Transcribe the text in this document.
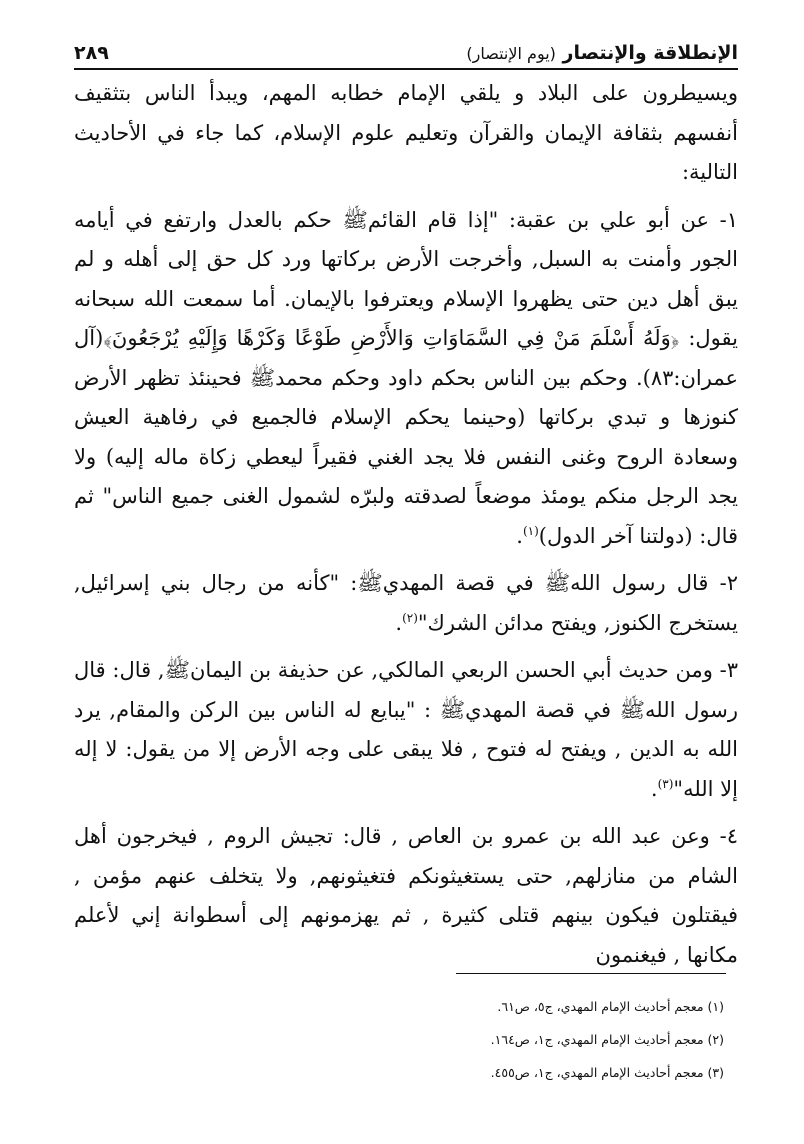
الإنطلاقة والإنتصار (يوم الإنتصار)
٢٨٩

ويسيطرون على البلاد و يلقي الإمام خطابه المهم، ويبدأ الناس بتثقيف أنفسهم بثقافة الإيمان والقرآن وتعليم علوم الإسلام، كما جاء في الأحاديث التالية:

١- عن أبو علي بن عقبة: "إذا قام القائمﷺ حكم بالعدل وارتفع في أيامه الجور وأمنت به السبل, وأخرجت الأرض بركاتها ورد كل حق إلى أهله و لم يبق أهل دين حتى يظهروا الإسلام ويعترفوا بالإيمان. أما سمعت الله سبحانه يقول: ﴿وَلَهُ أَسْلَمَ مَنْ فِي السَّمَاوَاتِ وَالأَرْضِ طَوْعًا وَكَرْهًا وَإِلَيْهِ يُرْجَعُونَ﴾(آل عمران:٨٣). وحكم بين الناس بحكم داود وحكم محمدﷺ فحينئذ تظهر الأرض كنوزها و تبدي بركاتها (وحينما يحكم الإسلام فالجميع في رفاهية العيش وسعادة الروح وغنى النفس فلا يجد الغني فقيراً ليعطي زكاة ماله إليه) ولا يجد الرجل منكم يومئذ موضعاً لصدقته ولبرّه لشمول الغنى جميع الناس" ثم قال: (دولتنا آخر الدول)$^{(١)}$.

٢- قال رسول اللهﷺ في قصة المهديﷺ: "كأنه من رجال بني إسرائيل, يستخرج الكنوز, ويفتح مدائن الشرك"$^{(٢)}$.

٣- ومن حديث أبي الحسن الربعي المالكي, عن حذيفة بن اليمانﷺ, قال: قال رسول اللهﷺ في قصة المهديﷺ : "يبايع له الناس بين الركن والمقام, يرد الله به الدين , ويفتح له فتوح , فلا يبقى على وجه الأرض إلا من يقول: لا إله إلا الله"$^{(٣)}$.

٤- وعن عبد الله بن عمرو بن العاص , قال: تجيش الروم , فيخرجون أهل الشام من منازلهم, حتى يستغيثونكم فتغيثونهم, ولا يتخلف عنهم مؤمن , فيقتلون فيكون بينهم قتلى كثيرة , ثم يهزمونهم إلى أسطوانة إني لأعلم مكانها , فيغنمون

(١) معجم أحاديث الإمام المهدي، ج٥، ص٦١.
(٢) معجم أحاديث الإمام المهدي، ج١، ص١٦٤.
(٣) معجم أحاديث الإمام المهدي، ج١، ص٤٥٥.
